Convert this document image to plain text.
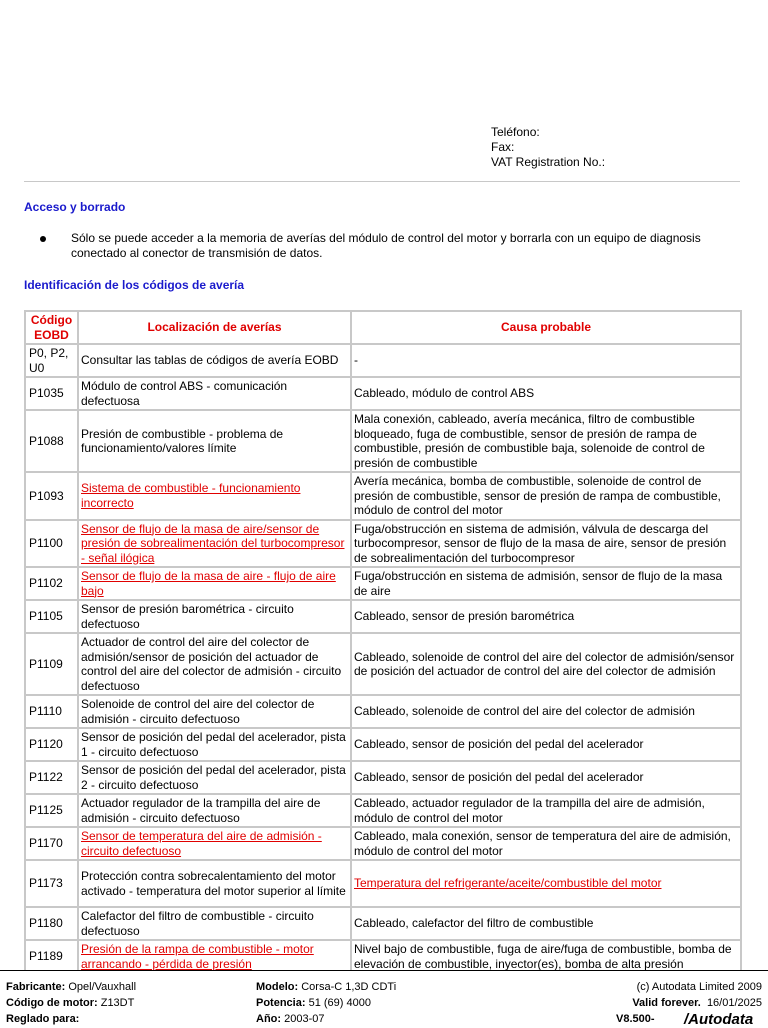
Teléfono:
Fax:
VAT Registration No.:
Acceso y borrado
Sólo se puede acceder a la memoria de averías del módulo de control del motor y borrarla con un equipo de diagnosis conectado al conector de transmisión de datos.
Identificación de los códigos de avería
Código EOBD	Localización de averías	Causa probable
P0, P2, U0	Consultar las tablas de códigos de avería EOBD	-
P1035	Módulo de control ABS - comunicación defectuosa	Cableado, módulo de control ABS
P1088	Presión de combustible - problema de funcionamiento/valores límite	Mala conexión, cableado, avería mecánica, filtro de combustible bloqueado, fuga de combustible, sensor de presión de rampa de combustible, presión de combustible baja, solenoide de control de presión de combustible
P1093	Sistema de combustible - funcionamiento incorrecto	Avería mecánica, bomba de combustible, solenoide de control de presión de combustible, sensor de presión de rampa de combustible, módulo de control del motor
P1100	Sensor de flujo de la masa de aire/sensor de presión de sobrealimentación del turbocompresor - señal ilógica	Fuga/obstrucción en sistema de admisión, válvula de descarga del turbocompresor, sensor de flujo de la masa de aire, sensor de presión de sobrealimentación del turbocompresor
P1102	Sensor de flujo de la masa de aire - flujo de aire bajo	Fuga/obstrucción en sistema de admisión, sensor de flujo de la masa de aire
P1105	Sensor de presión barométrica - circuito defectuoso	Cableado, sensor de presión barométrica
P1109	Actuador de control del aire del colector de admisión/sensor de posición del actuador de control del aire del colector de admisión - circuito defectuoso	Cableado, solenoide de control del aire del colector de admisión/sensor de posición del actuador de control del aire del colector de admisión
P1110	Solenoide de control del aire del colector de admisión - circuito defectuoso	Cableado, solenoide de control del aire del colector de admisión
P1120	Sensor de posición del pedal del acelerador, pista 1 - circuito defectuoso	Cableado, sensor de posición del pedal del acelerador
P1122	Sensor de posición del pedal del acelerador, pista 2 - circuito defectuoso	Cableado, sensor de posición del pedal del acelerador
P1125	Actuador regulador de la trampilla del aire de admisión - circuito defectuoso	Cableado, actuador regulador de la trampilla del aire de admisión, módulo de control del motor
P1170	Sensor de temperatura del aire de admisión - circuito defectuoso	Cableado, mala conexión, sensor de temperatura del aire de admisión, módulo de control del motor
P1173	Protección contra sobrecalentamiento del motor activado - temperatura del motor superior al límite	Temperatura del refrigerante/aceite/combustible del motor
P1180	Calefactor del filtro de combustible - circuito defectuoso	Cableado, calefactor del filtro de combustible
P1189	Presión de la rampa de combustible - motor arrancando - pérdida de presión	Nivel bajo de combustible, fuga de aire/fuga de combustible, bomba de elevación de combustible, inyector(es), bomba de alta presión
Fabricante: Opel/Vauxhall
Código de motor: Z13DT
Reglado para:
Modelo: Corsa-C 1,3D CDTi
Potencia: 51 (69) 4000
Año: 2003-07
(c) Autodata Limited 2009
Valid forever. 16/01/2025
V8.500- /Autodata
